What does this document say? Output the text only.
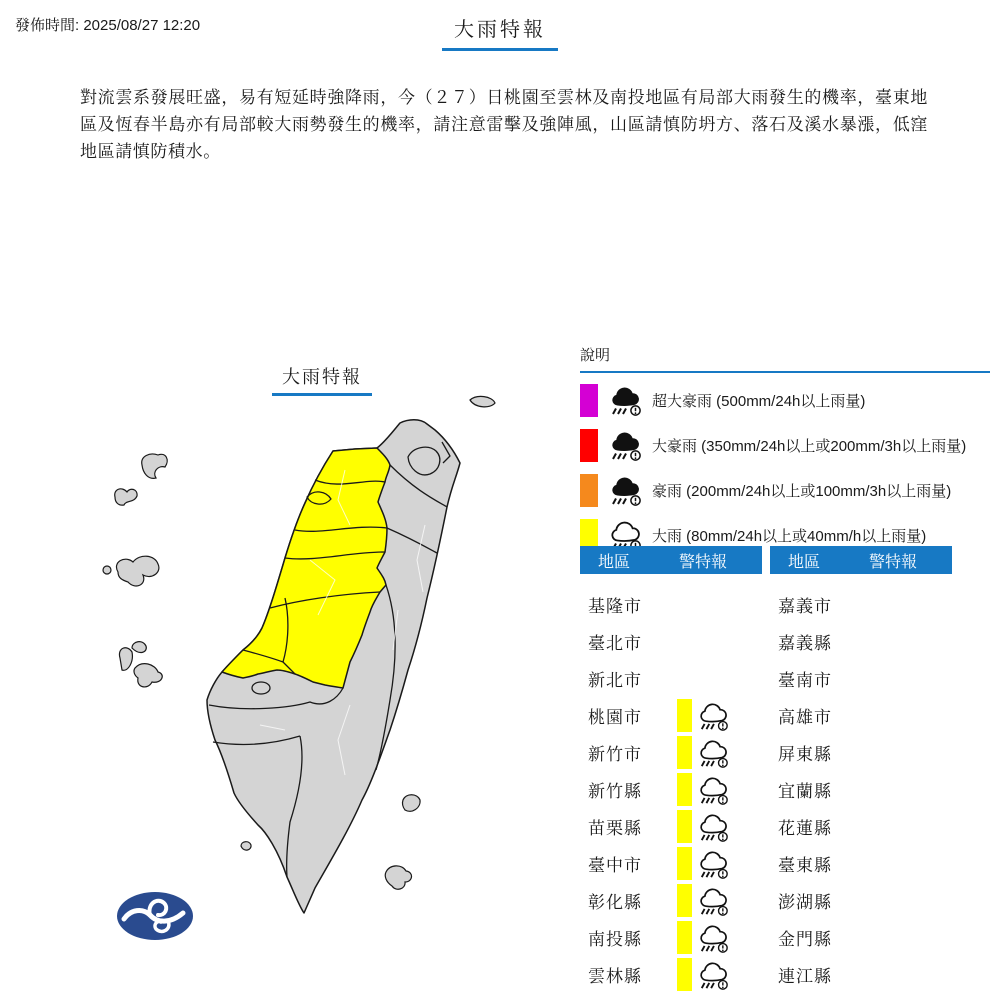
發佈時間: 2025/08/27 12:20	大雨特報
對流雲系發展旺盛，易有短延時強降雨，今（２７）日桃園至雲林及南投地區有局部大雨發生的機率，臺東地區及恆春半島亦有局部較大雨勢發生的機率，請注意雷擊及強陣風，山區請慎防坍方、落石及溪水暴漲，低窪地區請慎防積水。
大雨特報
說明
超大豪雨 (500mm/24h以上雨量)
大豪雨 (350mm/24h以上或200mm/3h以上雨量)
豪雨 (200mm/24h以上或100mm/3h以上雨量)
大雨 (80mm/24h以上或40mm/h以上雨量)
地區	警特報
基隆市
臺北市
新北市
桃園市
新竹市
新竹縣
苗栗縣
臺中市
彰化縣
南投縣
雲林縣
地區	警特報
嘉義市
嘉義縣
臺南市
高雄市
屏東縣
宜蘭縣
花蓮縣
臺東縣
澎湖縣
金門縣
連江縣
